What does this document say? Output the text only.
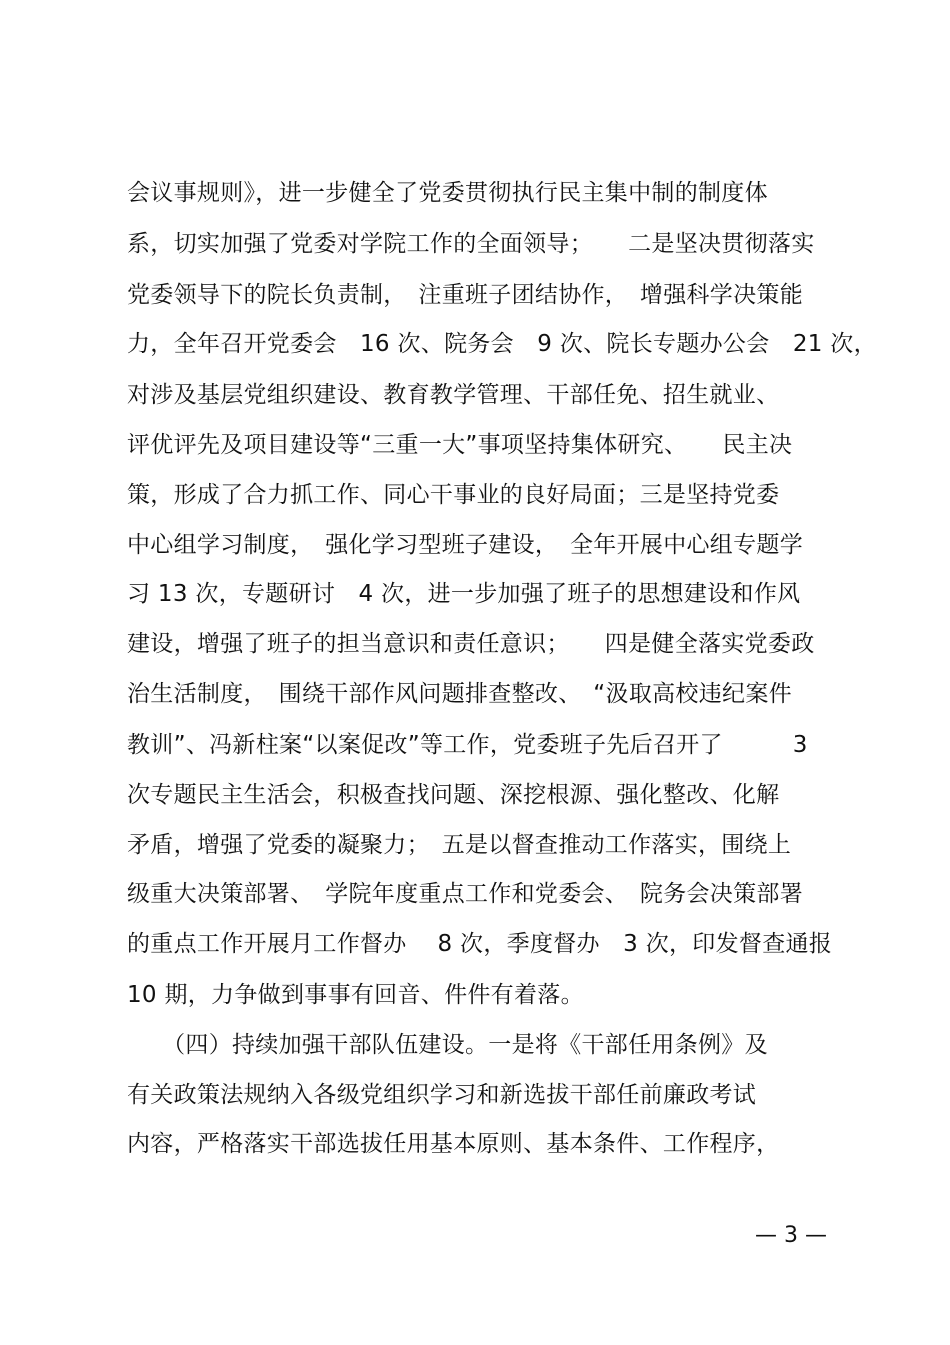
会议事规则》，进一步健全了党委贯彻执行民主集中制的制度体
系，切实加强了党委对学院工作的全面领导；　　二是坚决贯彻落实
党委领导下的院长负责制，　注重班子团结协作，　增强科学决策能
力，全年召开党委会　16 次、院务会　9 次、院长专题办公会　21 次，
对涉及基层党组织建设、教育教学管理、干部任免、招生就业、
评优评先及项目建设等“三重一大”事项坚持集体研究、　　民主决
策，形成了合力抓工作、同心干事业的良好局面；三是坚持党委
中心组学习制度，　强化学习型班子建设，　全年开展中心组专题学
习 13 次，专题研讨　4 次，进一步加强了班子的思想建设和作风
建设，增强了班子的担当意识和责任意识；　　四是健全落实党委政
治生活制度，　围绕干部作风问题排查整改、　“汲取高校违纪案件
教训”、冯新柱案“以案促改”等工作，党委班子先后召开了　　　3
次专题民主生活会，积极查找问题、深挖根源、强化整改、化解
矛盾，增强了党委的凝聚力；　五是以督查推动工作落实，围绕上
级重大决策部署、　学院年度重点工作和党委会、　院务会决策部署
的重点工作开展月工作督办　 8 次，季度督办　3 次，印发督查通报
10 期，力争做到事事有回音、件件有着落。
　　（四）持续加强干部队伍建设。一是将《干部任用条例》及
有关政策法规纳入各级党组织学习和新选拔干部任前廉政考试
内容，严格落实干部选拔任用基本原则、基本条件、工作程序，
— 3 —
